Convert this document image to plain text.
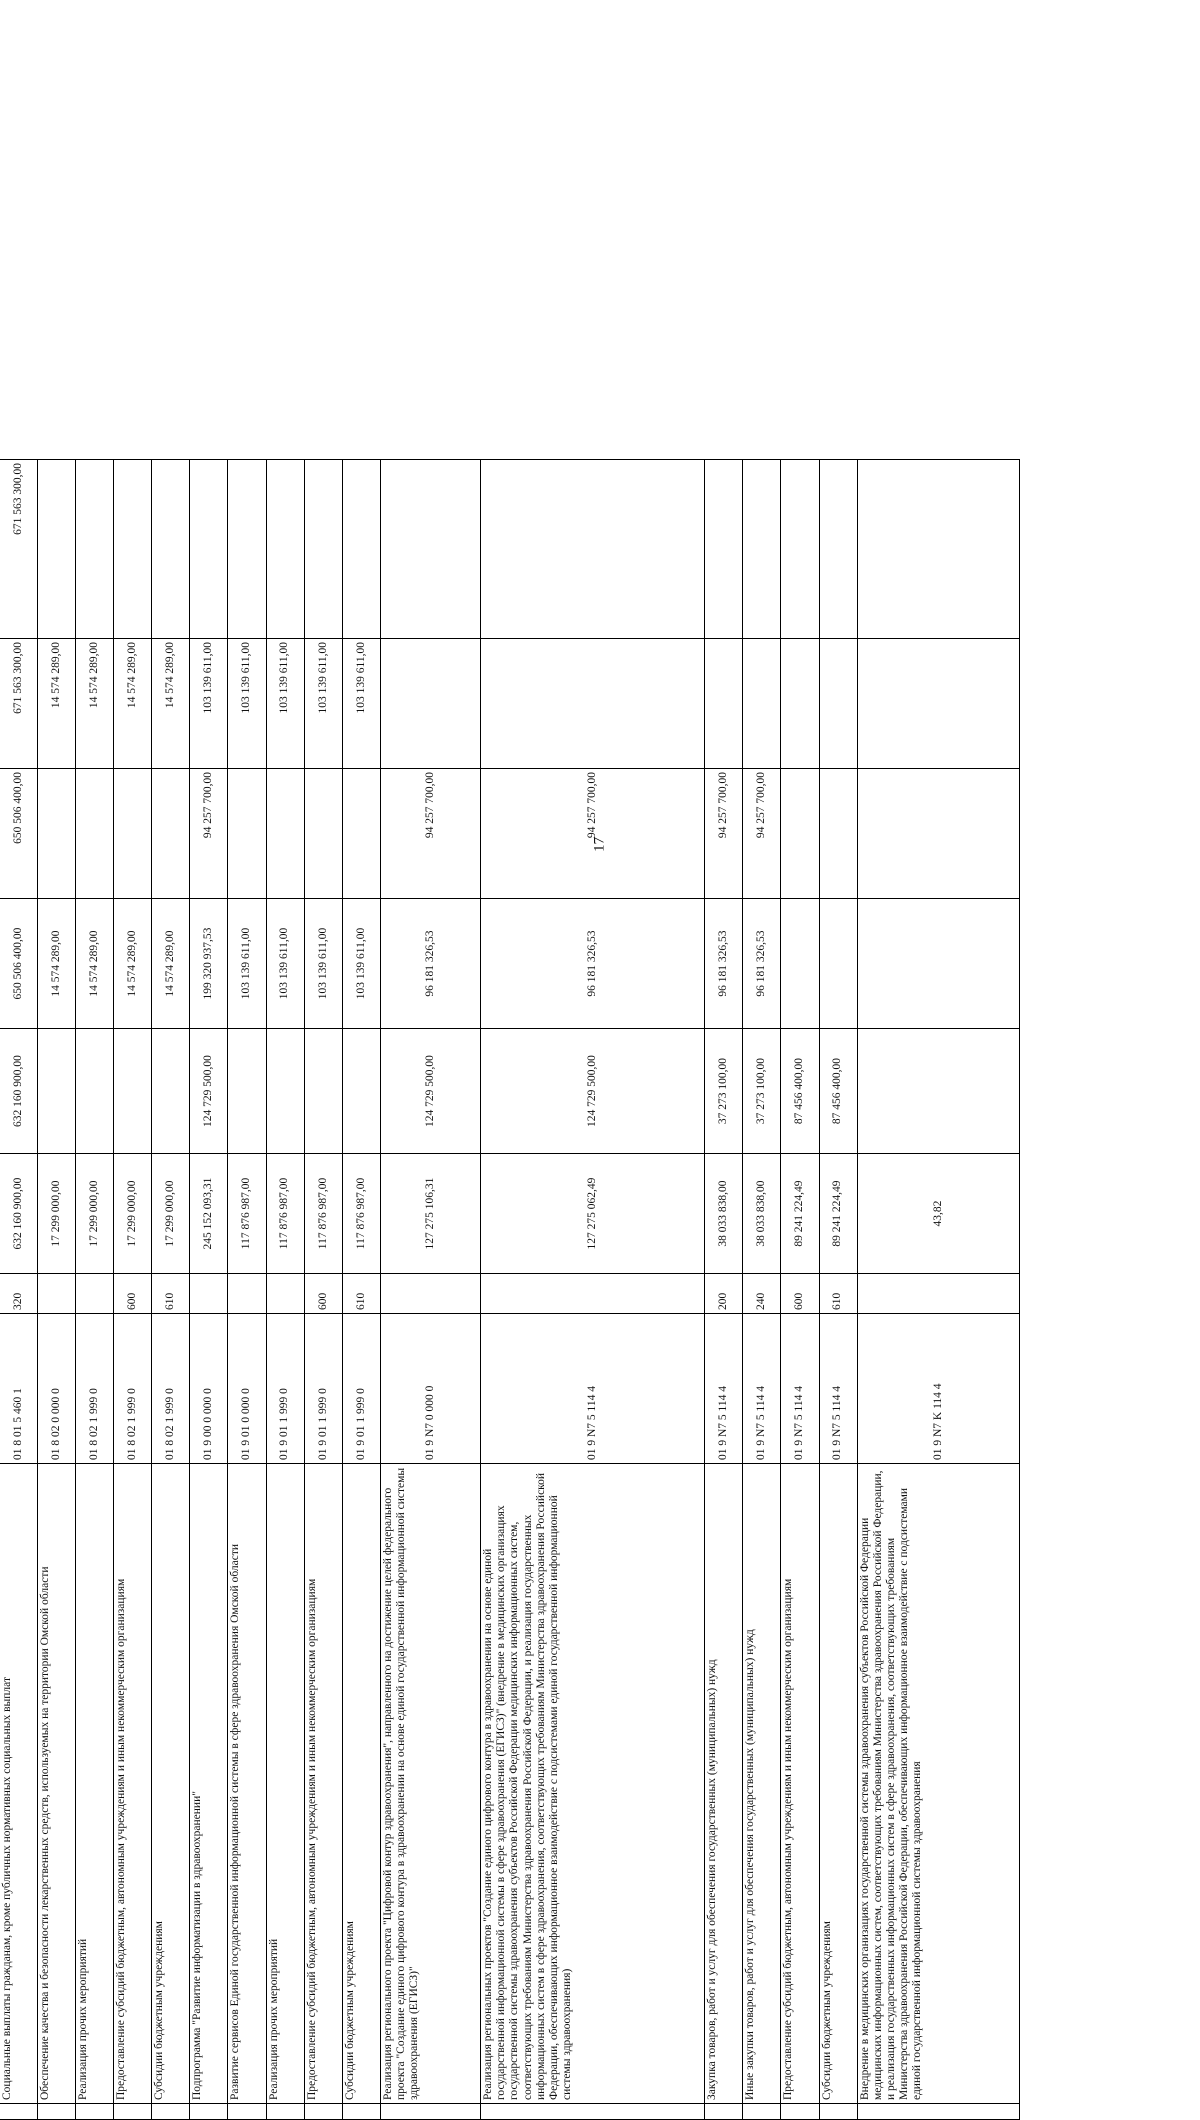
17

	Социальные выплаты гражданам, кроме публичных нормативных социальных выплат	01 8 01 5 460 1	320	632 160 900,00	632 160 900,00	650 506 400,00	650 506 400,00	671 563 300,00	671 563 300,00
	Обеспечение качества и безопасности лекарственных средств, используемых на территории Омской области	01 8 02 0 000 0		17 299 000,00		14 574 289,00		14 574 289,00	
	Реализация прочих мероприятий	01 8 02 1 999 0		17 299 000,00		14 574 289,00		14 574 289,00	
	Предоставление субсидий бюджетным, автономным учреждениям и иным некоммерческим организациям	01 8 02 1 999 0	600	17 299 000,00		14 574 289,00		14 574 289,00	
	Субсидии бюджетным учреждениям	01 8 02 1 999 0	610	17 299 000,00		14 574 289,00		14 574 289,00	
	Подпрограмма "Развитие информатизации в здравоохранении"	01 9 00 0 000 0		245 152 093,31	124 729 500,00	199 320 937,53	94 257 700,00	103 139 611,00	
	Развитие сервисов Единой государственной информационной системы в сфере здравоохранения Омской области	01 9 01 0 000 0		117 876 987,00		103 139 611,00		103 139 611,00	
	Реализация прочих мероприятий	01 9 01 1 999 0		117 876 987,00		103 139 611,00		103 139 611,00	
	Предоставление субсидий бюджетным, автономным учреждениям и иным некоммерческим организациям	01 9 01 1 999 0	600	117 876 987,00		103 139 611,00		103 139 611,00	
	Субсидии бюджетным учреждениям	01 9 01 1 999 0	610	117 876 987,00		103 139 611,00		103 139 611,00	
	Реализация регионального проекта "Цифровой контур здравоохранения", направленного на достижение целей федерального проекта "Создание единого цифрового контура в здравоохранении на основе единой государственной информационной системы здравоохранения (ЕГИСЗ)"	01 9 N7 0 000 0		127 275 106,31	124 729 500,00	96 181 326,53	94 257 700,00		
	Реализация региональных проектов "Создание единого цифрового контура в здравоохранении на основе единой государственной информационной системы в сфере здравоохранения (ЕГИСЗ)" (внедрение в медицинских организациях государственной системы здравоохранения субъектов Российской Федерации медицинских информационных систем, соответствующих требованиям Министерства здравоохранения Российской Федерации, и реализация государственных информационных систем в сфере здравоохранения, соответствующих требованиям Министерства здравоохранения Российской Федерации, обеспечивающих информационное взаимодействие с подсистемами единой государственной информационной системы здравоохранения)	01 9 N7 5 114 4		127 275 062,49	124 729 500,00	96 181 326,53	94 257 700,00		
	Закупка товаров, работ и услуг для обеспечения государственных (муниципальных) нужд	01 9 N7 5 114 4	200	38 033 838,00	37 273 100,00	96 181 326,53	94 257 700,00		
	Иные закупки товаров, работ и услуг для обеспечения государственных (муниципальных) нужд	01 9 N7 5 114 4	240	38 033 838,00	37 273 100,00	96 181 326,53	94 257 700,00		
	Предоставление субсидий бюджетным, автономным учреждениям и иным некоммерческим организациям	01 9 N7 5 114 4	600	89 241 224,49	87 456 400,00				
	Субсидии бюджетным учреждениям	01 9 N7 5 114 4	610	89 241 224,49	87 456 400,00				
	Внедрение в медицинских организациях государственной системы здравоохранения субъектов Российской Федерации медицинских информационных систем, соответствующих требованиям Министерства здравоохранения Российской Федерации, и реализация государственных информационных систем в сфере здравоохранения, соответствующих требованиям Министерства здравоохранения Российской Федерации, обеспечивающих информационное взаимодействие с подсистемами единой государственной информационной системы здравоохранения	01 9 N7 K 114 4		43,82					
